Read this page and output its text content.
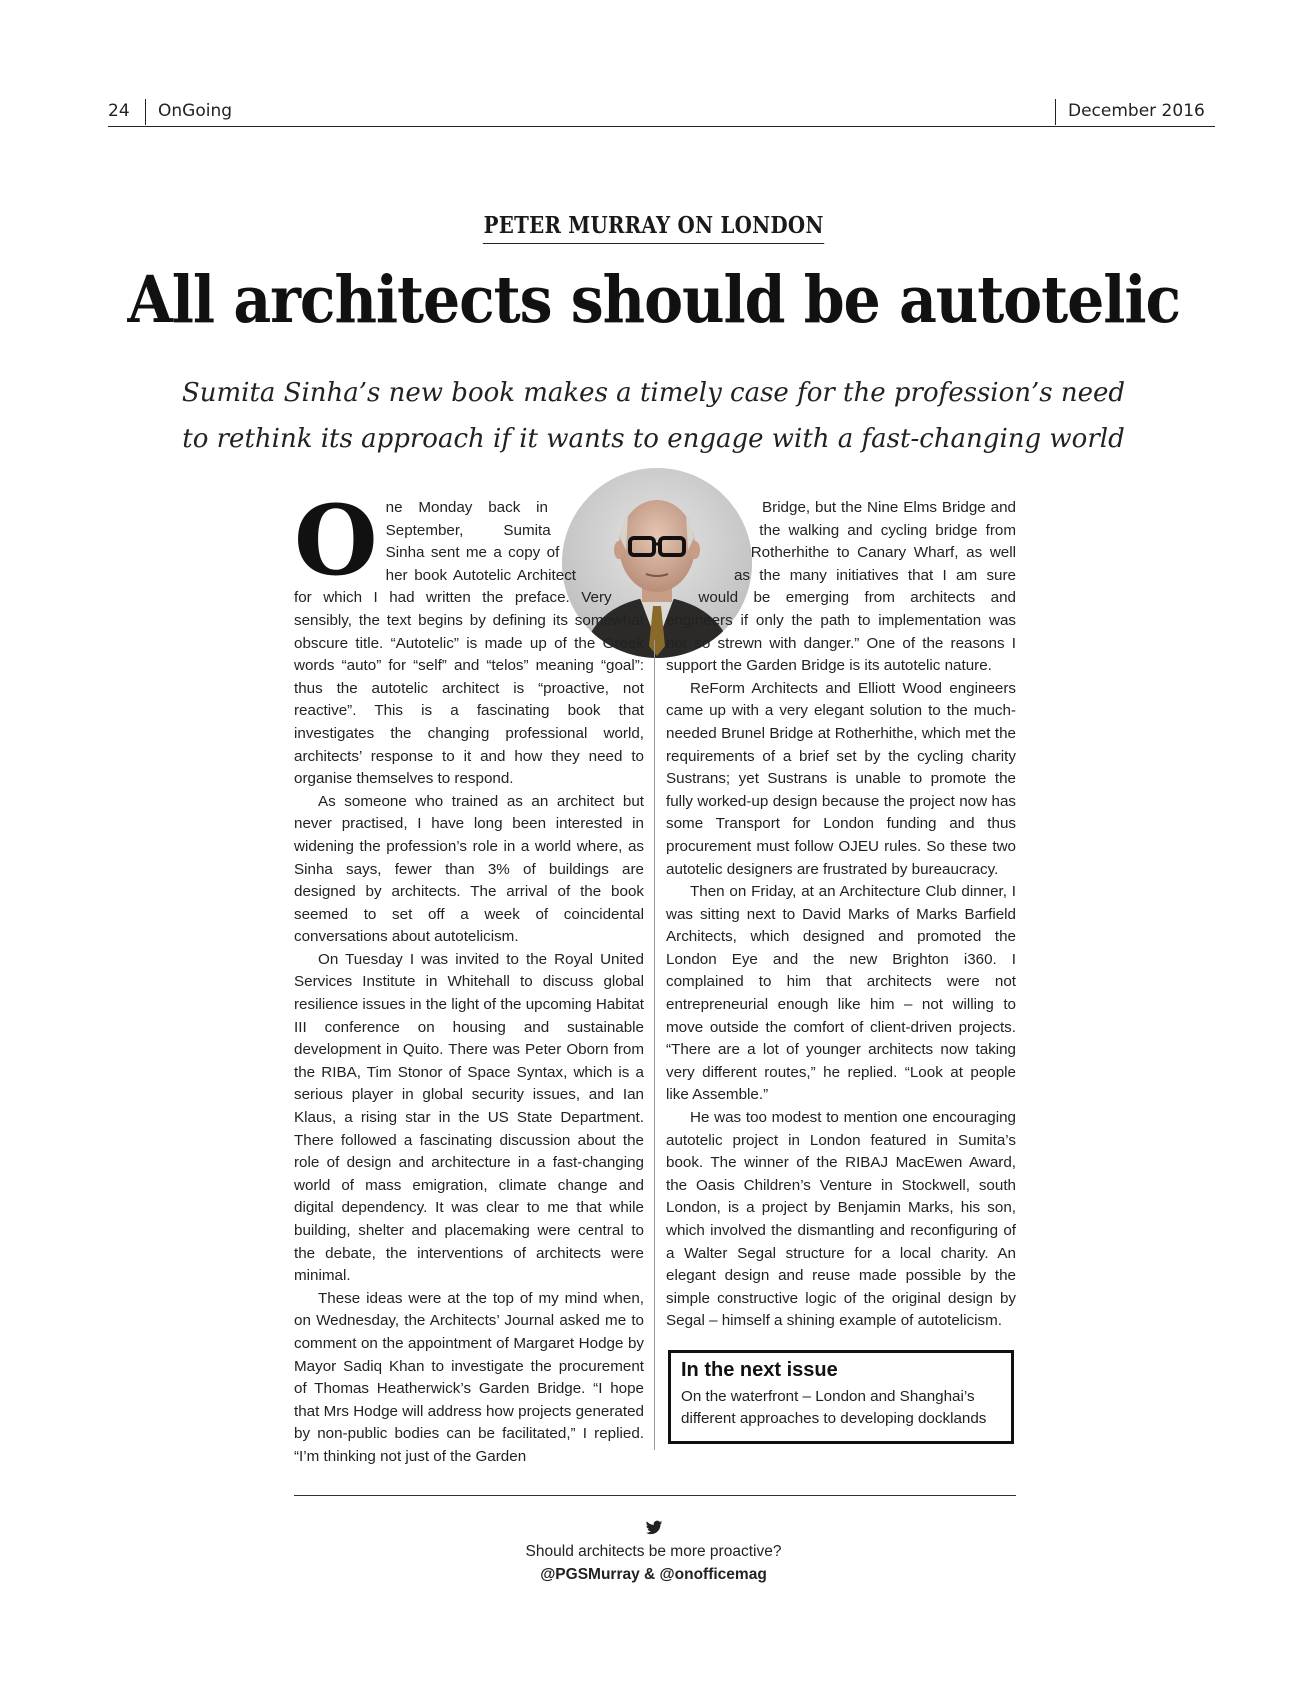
24 OnGoing	December 2016
PETER MURRAY ON LONDON
All architects should be autotelic
Sumita Sinha’s new book makes a timely case for the profession’s need
to rethink its approach if it wants to engage with a fast-changing world
O ne Monday back in September, Sumita Sinha sent me a copy of her book Autotelic Architect for which I had written the preface. Very sensibly, the text begins by defining its somewhat obscure title. “Autotelic” is made up of the Greek words “auto” for “self” and “telos” meaning “goal”: thus the autotelic architect is “proactive, not reactive”. This is a fascinating book that investigates the changing professional world, architects’ response to it and how they need to organise themselves to respond.

As someone who trained as an architect but never practised, I have long been interested in widening the profession’s role in a world where, as Sinha says, fewer than 3% of buildings are designed by architects. The arrival of the book seemed to set off a week of coincidental conversations about autotelicism.

On Tuesday I was invited to the Royal United Services Institute in Whitehall to discuss global resilience issues in the light of the upcoming Habitat III conference on housing and sustainable development in Quito. There was Peter Oborn from the RIBA, Tim Stonor of Space Syntax, which is a serious player in global security issues, and Ian Klaus, a rising star in the US State Department. There followed a fascinating discussion about the role of design and architecture in a fast-changing world of mass emigration, climate change and digital dependency. It was clear to me that while building, shelter and placemaking were central to the debate, the interventions of architects were minimal.

These ideas were at the top of my mind when, on Wednesday, the Architects’ Journal asked me to comment on the appointment of Margaret Hodge by Mayor Sadiq Khan to investigate the procurement of Thomas Heatherwick’s Garden Bridge. “I hope that Mrs Hodge will address how projects generated by non-public bodies can be facilitated,” I replied. “I’m thinking not just of the Garden

Bridge, but the Nine Elms Bridge and the walking and cycling bridge from Rotherhithe to Canary Wharf, as well as the many initiatives that I am sure would be emerging from architects and engineers if only the path to implementation was not so strewn with danger.” One of the reasons I support the Garden Bridge is its autotelic nature.

ReForm Architects and Elliott Wood engineers came up with a very elegant solution to the much-needed Brunel Bridge at Rotherhithe, which met the requirements of a brief set by the cycling charity Sustrans; yet Sustrans is unable to promote the fully worked-up design because the project now has some Transport for London funding and thus procurement must follow OJEU rules. So these two autotelic designers are frustrated by bureaucracy.

Then on Friday, at an Architecture Club dinner, I was sitting next to David Marks of Marks Barfield Architects, which designed and promoted the London Eye and the new Brighton i360. I complained to him that architects were not entrepreneurial enough like him – not willing to move outside the comfort of client-driven projects. “There are a lot of younger architects now taking very different routes,” he replied. “Look at people like Assemble.”

He was too modest to mention one encouraging autotelic project in London featured in Sumita’s book. The winner of the RIBAJ MacEwen Award, the Oasis Children’s Venture in Stockwell, south London, is a project by Benjamin Marks, his son, which involved the dismantling and reconfiguring of a Walter Segal structure for a local charity. An elegant design and reuse made possible by the simple constructive logic of the original design by Segal – himself a shining example of autotelicism.

In the next issue
On the waterfront – London and Shanghai’s
different approaches to developing docklands
Should architects be more proactive?
@PGSMurray & @onofficemag
